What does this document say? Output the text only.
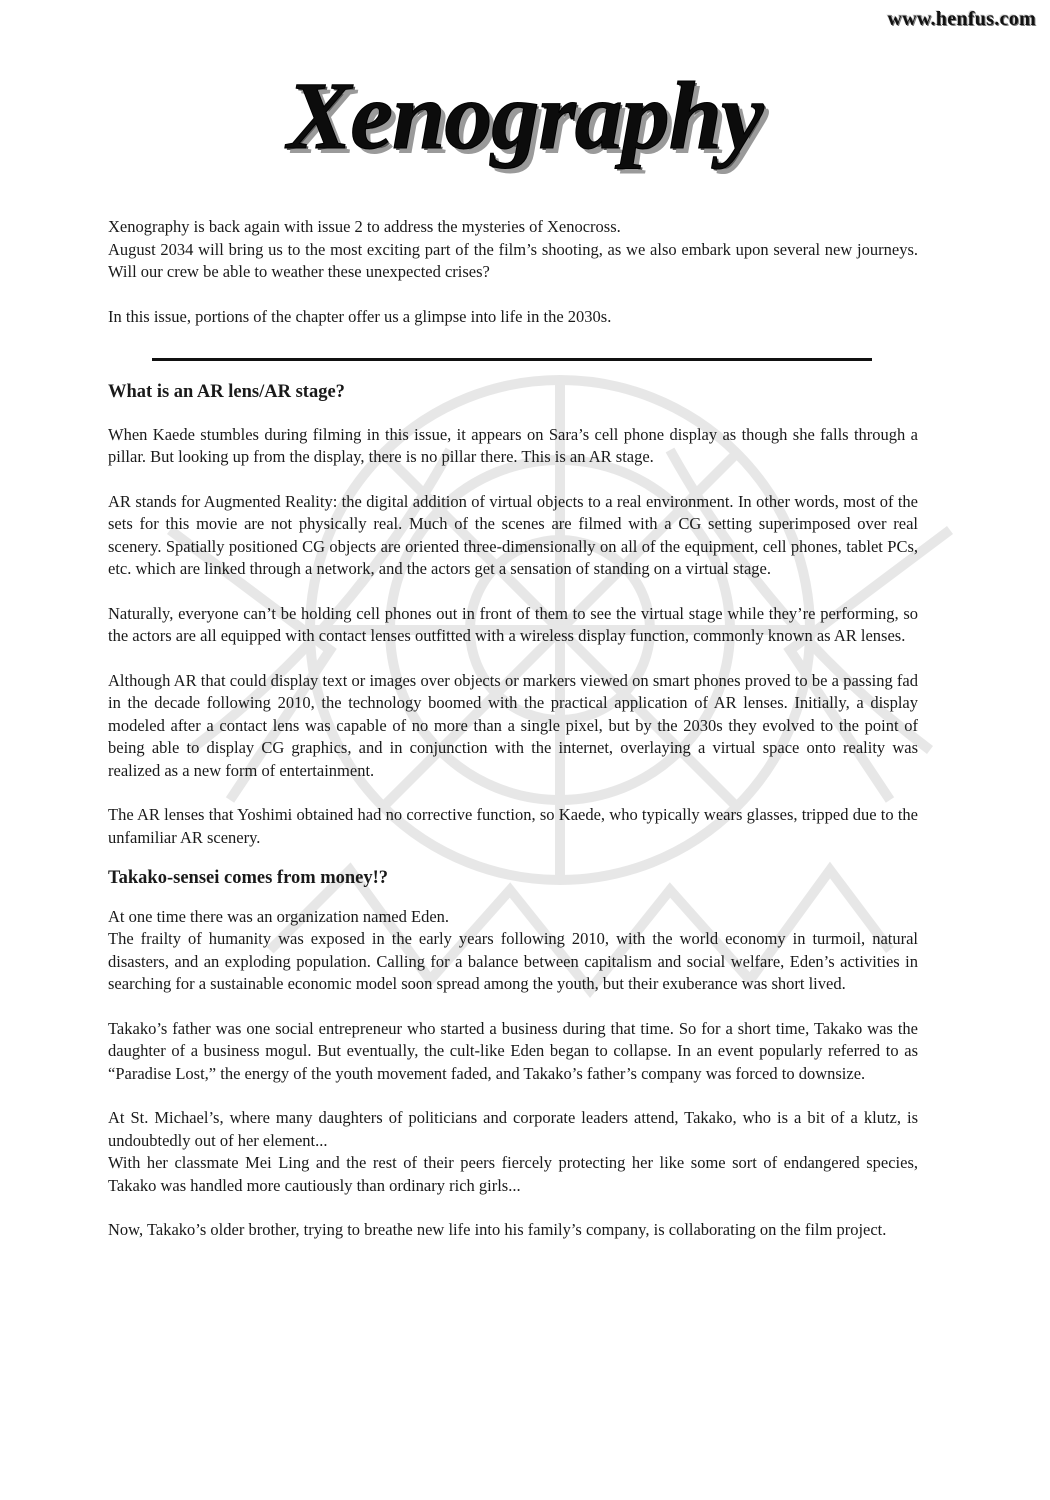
www.henfus.com
Xenography

Xenography is back again with issue 2 to address the mysteries of Xenocross.

August 2034 will bring us to the most exciting part of the film’s shooting, as we also embark upon several new journeys. Will our crew be able to weather these unexpected crises?

In this issue, portions of the chapter offer us a glimpse into life in the 2030s.

What is an AR lens/AR stage?

When Kaede stumbles during filming in this issue, it appears on Sara’s cell phone display as though she falls through a pillar. But looking up from the display, there is no pillar there. This is an AR stage.

AR stands for Augmented Reality: the digital addition of virtual objects to a real environment. In other words, most of the sets for this movie are not physically real. Much of the scenes are filmed with a CG setting superimposed over real scenery. Spatially positioned CG objects are oriented three-dimensionally on all of the equipment, cell phones, tablet PCs, etc. which are linked through a network, and the actors get a sensation of standing on a virtual stage.

Naturally, everyone can’t be holding cell phones out in front of them to see the virtual stage while they’re performing, so the actors are all equipped with contact lenses outfitted with a wireless display function, commonly known as AR lenses.

Although AR that could display text or images over objects or markers viewed on smart phones proved to be a passing fad in the decade following 2010, the technology boomed with the practical application of AR lenses. Initially, a display modeled after a contact lens was capable of no more than a single pixel, but by the 2030s they evolved to the point of being able to display CG graphics, and in conjunction with the internet, overlaying a virtual space onto reality was realized as a new form of entertainment.

The AR lenses that Yoshimi obtained had no corrective function, so Kaede, who typically wears glasses, tripped due to the unfamiliar AR scenery.

Takako-sensei comes from money!?

At one time there was an organization named Eden.

The frailty of humanity was exposed in the early years following 2010, with the world economy in turmoil, natural disasters, and an exploding population. Calling for a balance between capitalism and social welfare, Eden’s activities in searching for a sustainable economic model soon spread among the youth, but their exuberance was short lived.

Takako’s father was one social entrepreneur who started a business during that time. So for a short time, Takako was the daughter of a business mogul. But eventually, the cult-like Eden began to collapse. In an event popularly referred to as “Paradise Lost,” the energy of the youth movement faded, and Takako’s father’s company was forced to downsize.

At St. Michael’s, where many daughters of politicians and corporate leaders attend, Takako, who is a bit of a klutz, is undoubtedly out of her element...

With her classmate Mei Ling and the rest of their peers fiercely protecting her like some sort of endangered species, Takako was handled more cautiously than ordinary rich girls...

Now, Takako’s older brother, trying to breathe new life into his family’s company, is collaborating on the film project.
